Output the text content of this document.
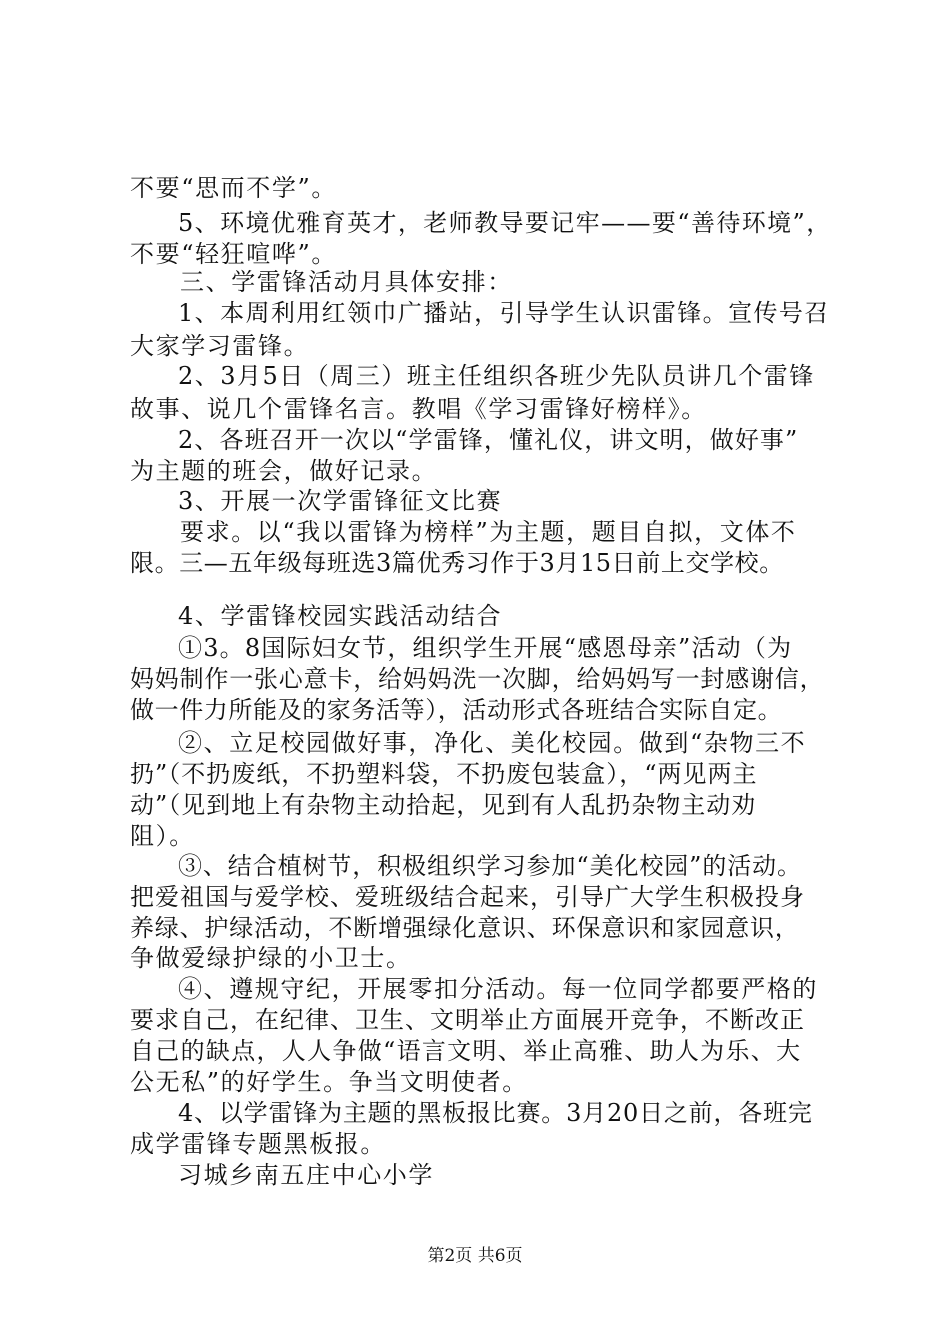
不要“思而不学”。
5、环境优雅育英才，老师教导要记牢——要“善待环境”，
不要“轻狂喧哗”。
三、学雷锋活动月具体安排：
1、本周利用红领巾广播站，引导学生认识雷锋。宣传号召
大家学习雷锋。
2、3月5日（周三）班主任组织各班少先队员讲几个雷锋
故事、说几个雷锋名言。教唱《学习雷锋好榜样》。
2、各班召开一次以“学雷锋，懂礼仪，讲文明，做好事”
为主题的班会，做好记录。
3、开展一次学雷锋征文比赛
要求。以“我以雷锋为榜样”为主题，题目自拟，文体不
限。三—五年级每班选3篇优秀习作于3月15日前上交学校。
4、学雷锋校园实践活动结合
①3。8国际妇女节，组织学生开展“感恩母亲”活动（为
妈妈制作一张心意卡，给妈妈洗一次脚，给妈妈写一封感谢信，
做一件力所能及的家务活等），活动形式各班结合实际自定。
②、立足校园做好事，净化、美化校园。做到“杂物三不
扔”（不扔废纸，不扔塑料袋，不扔废包装盒），“两见两主
动”（见到地上有杂物主动拾起，见到有人乱扔杂物主动劝
阻）。
③、结合植树节，积极组织学习参加“美化校园”的活动。
把爱祖国与爱学校、爱班级结合起来，引导广大学生积极投身
养绿、护绿活动，不断增强绿化意识、环保意识和家园意识，
争做爱绿护绿的小卫士。
④、遵规守纪，开展零扣分活动。每一位同学都要严格的
要求自己，在纪律、卫生、文明举止方面展开竞争，不断改正
自己的缺点，人人争做“语言文明、举止高雅、助人为乐、大
公无私”的好学生。争当文明使者。
4、以学雷锋为主题的黑板报比赛。3月20日之前，各班完
成学雷锋专题黑板报。
习城乡南五庄中心小学
第2页 共6页
